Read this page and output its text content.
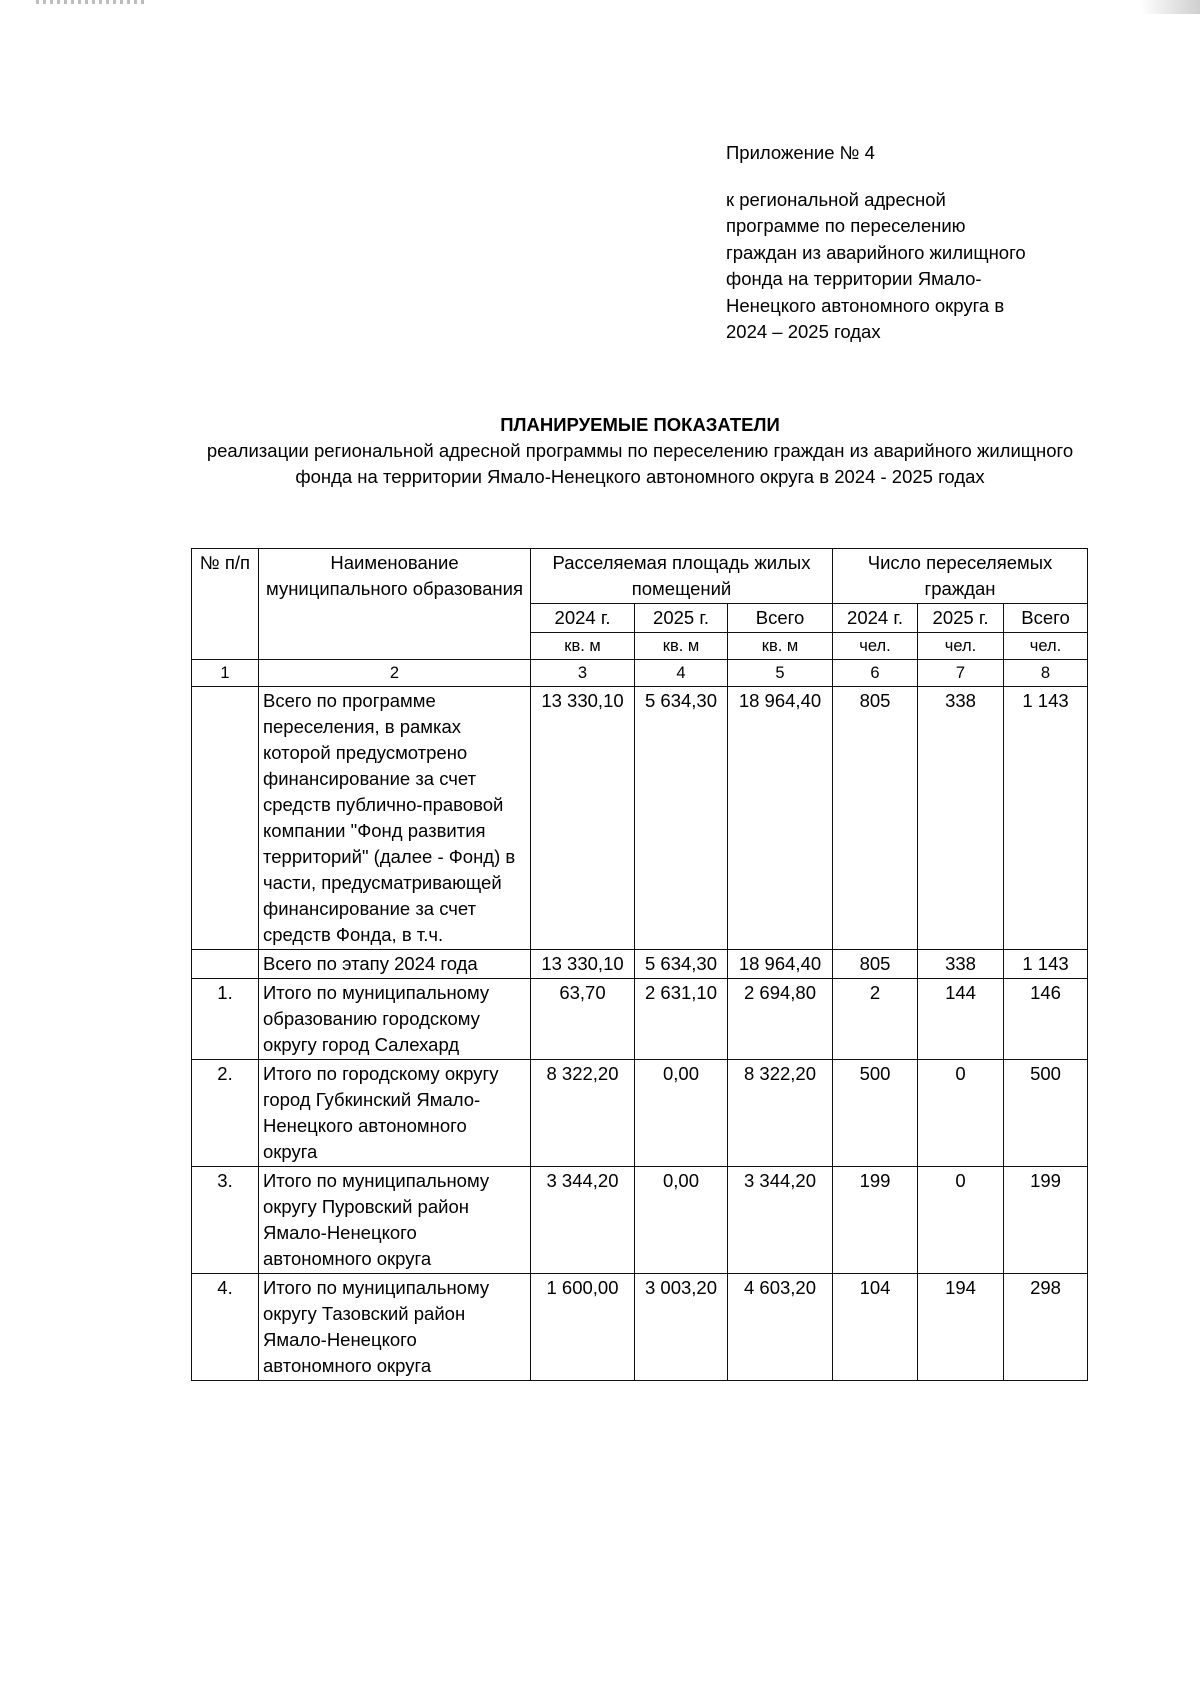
Приложение № 4
к региональной адресной
программе по переселению
граждан из аварийного жилищного
фонда на территории Ямало-
Ненецкого автономного округа в
2024 – 2025 годах
ПЛАНИРУЕМЫЕ ПОКАЗАТЕЛИ
реализации региональной адресной программы по переселению граждан из аварийного жилищного фонда на территории Ямало-Ненецкого автономного округа в 2024 - 2025 годах
№ п/п	Наименование муниципального образования	Расселяемая площадь жилых помещений			Число переселяемых граждан		
		2024 г.	2025 г.	Всего	2024 г.	2025 г.	Всего
		кв. м	кв. м	кв. м	чел.	чел.	чел.
1	2	3	4	5	6	7	8
	Всего по программе переселения, в рамках которой предусмотрено финансирование за счет средств публично-правовой компании "Фонд развития территорий" (далее - Фонд) в части, предусматривающей финансирование за счет средств Фонда, в т.ч.	13 330,10	5 634,30	18 964,40	805	338	1 143
	Всего по этапу 2024 года	13 330,10	5 634,30	18 964,40	805	338	1 143
1.	Итого по муниципальному образованию городскому округу город Салехард	63,70	2 631,10	2 694,80	2	144	146
2.	Итого по городскому округу город Губкинский Ямало-Ненецкого автономного округа	8 322,20	0,00	8 322,20	500	0	500
3.	Итого по муниципальному округу Пуровский район Ямало-Ненецкого автономного округа	3 344,20	0,00	3 344,20	199	0	199
4.	Итого по муниципальному округу Тазовский район Ямало-Ненецкого автономного округа	1 600,00	3 003,20	4 603,20	104	194	298
